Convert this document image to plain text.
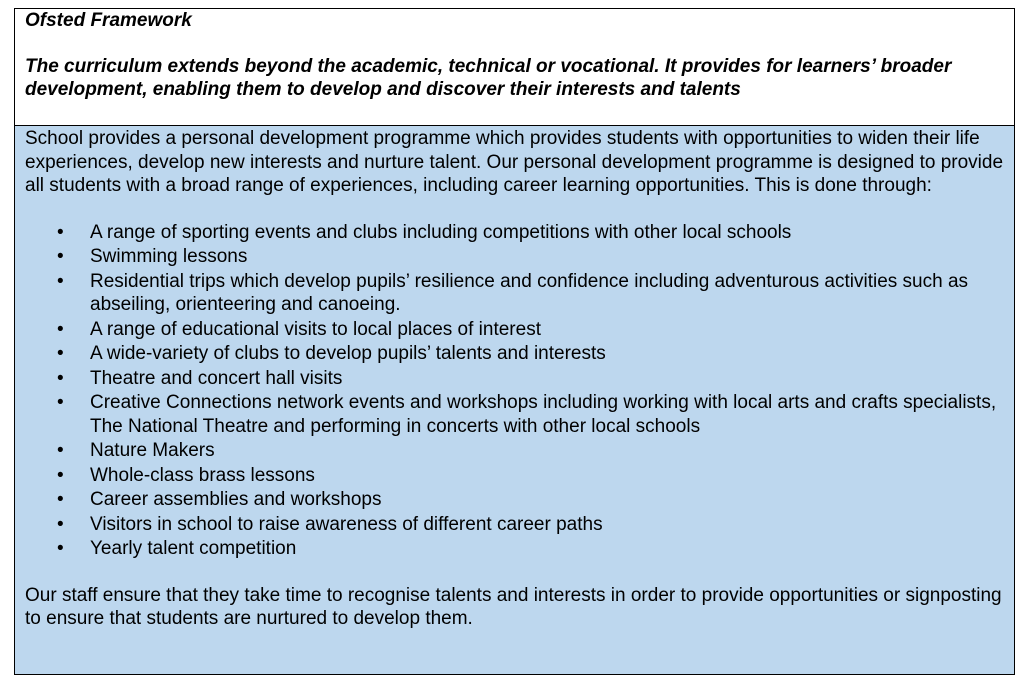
Ofsted Framework

The curriculum extends beyond the academic, technical or vocational. It provides for learners’ broader development, enabling them to develop and discover their interests and talents

School provides a personal development programme which provides students with opportunities to widen their life experiences, develop new interests and nurture talent. Our personal development programme is designed to provide all students with a broad range of experiences, including career learning opportunities. This is done through:

• A range of sporting events and clubs including competitions with other local schools
• Swimming lessons
• Residential trips which develop pupils’ resilience and confidence including adventurous activities such as abseiling, orienteering and canoeing.
• A range of educational visits to local places of interest
• A wide-variety of clubs to develop pupils’ talents and interests
• Theatre and concert hall visits
• Creative Connections network events and workshops including working with local arts and crafts specialists, The National Theatre and performing in concerts with other local schools
• Nature Makers
• Whole-class brass lessons
• Career assemblies and workshops
• Visitors in school to raise awareness of different career paths
• Yearly talent competition

Our staff ensure that they take time to recognise talents and interests in order to provide opportunities or signposting to ensure that students are nurtured to develop them.
